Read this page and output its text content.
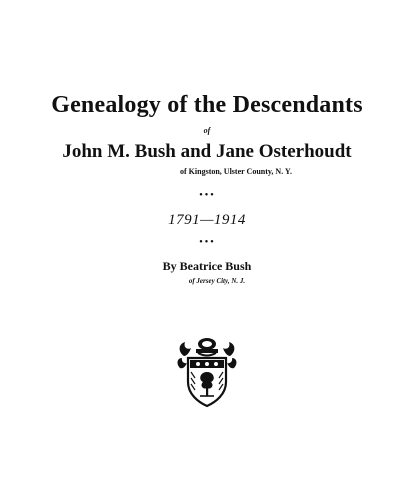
Genealogy of the Descendants
of
John M. Bush and Jane Osterhoudt
of Kingston, Ulster County, N. Y.
•••
1791—1914
•••
By Beatrice Bush
of Jersey City, N. J.
